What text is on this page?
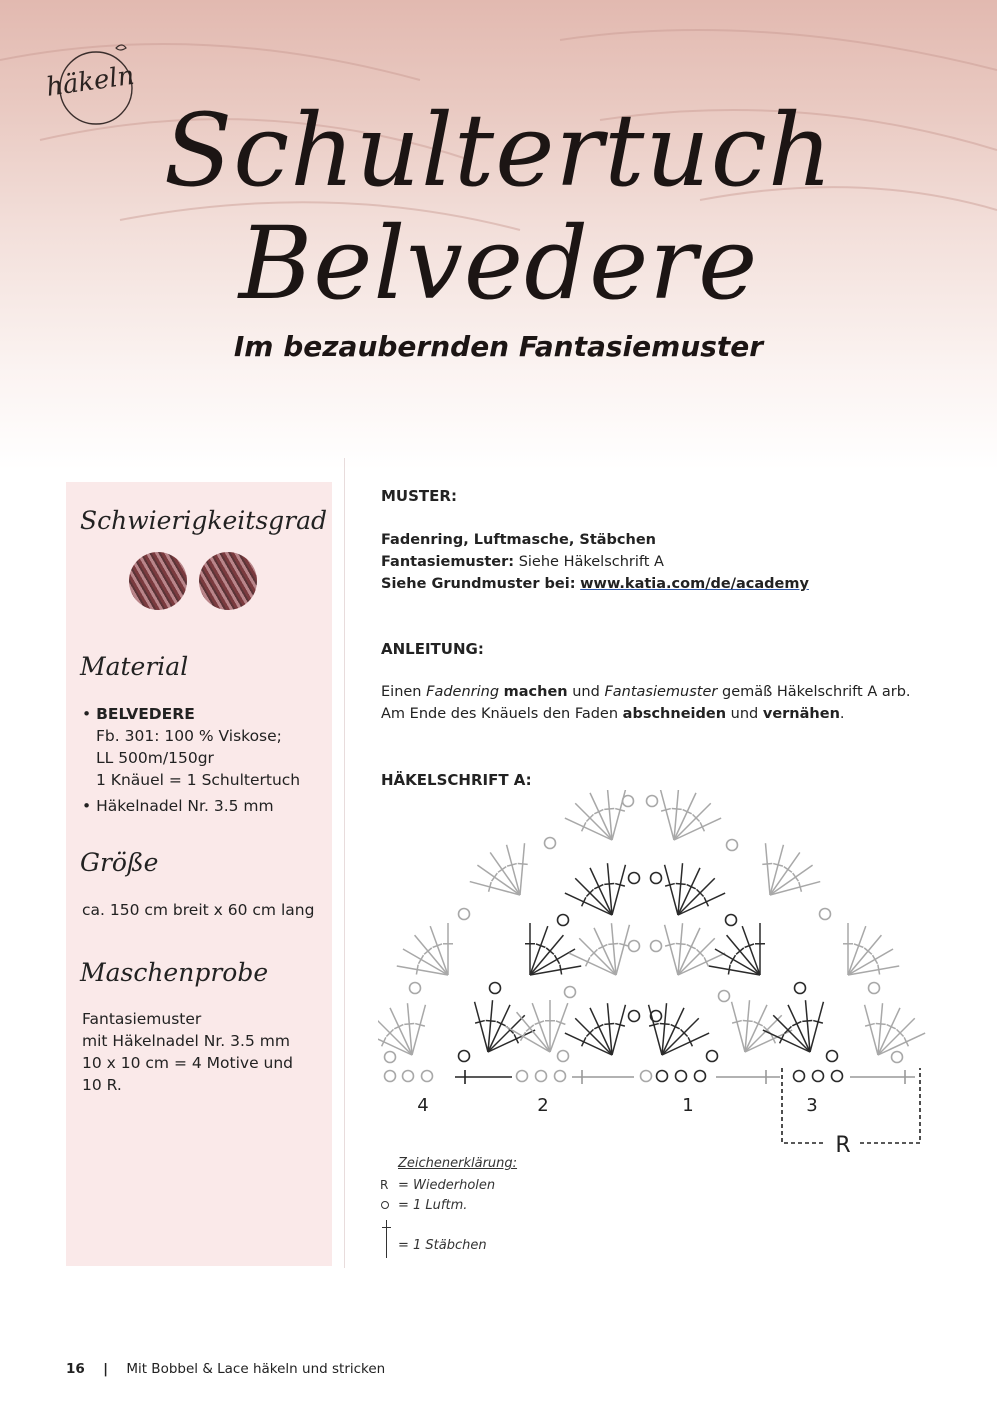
häkeln
Schultertuch
Belvedere
Im bezaubernden Fantasiemuster
Schwierigkeitsgrad
Material
• BELVEDERE
Fb. 301: 100 % Viskose;
LL 500m/150gr
1 Knäuel = 1 Schultertuch
• Häkelnadel Nr. 3.5 mm
Größe
ca. 150 cm breit x 60 cm lang
Maschenprobe
Fantasiemuster
mit Häkelnadel Nr. 3.5 mm
10 x 10 cm = 4 Motive und
10 R.
MUSTER:
Fadenring, Luftmasche, Stäbchen
Fantasiemuster: Siehe Häkelschrift A
Siehe Grundmuster bei: www.katia.com/de/academy
ANLEITUNG:
Einen Fadenring machen und Fantasiemuster gemäß Häkelschrift A arb.
Am Ende des Knäuels den Faden abschneiden und vernähen.
HÄKELSCHRIFT A:
4	2	1	3
R
Zeichenerklärung:
R = Wiederholen
= 1 Luftm.
= 1 Stäbchen
16 | Mit Bobbel & Lace häkeln und stricken
